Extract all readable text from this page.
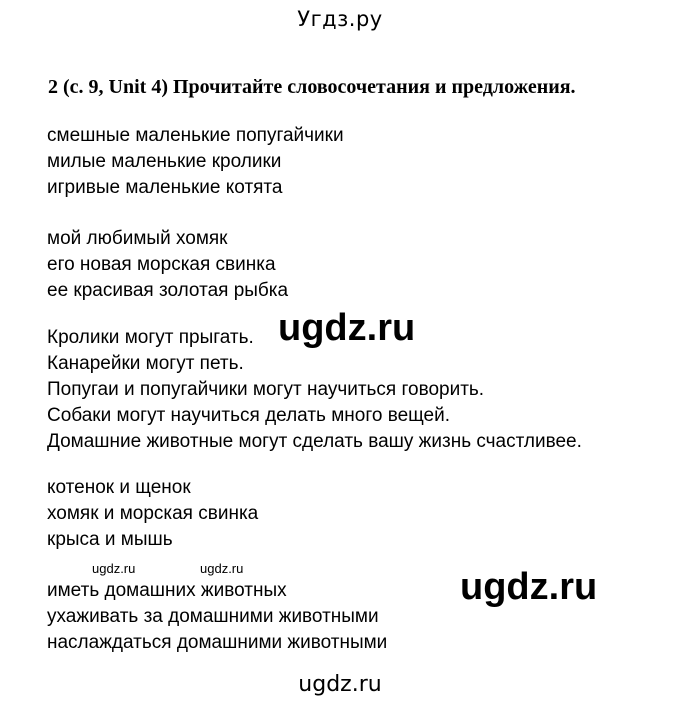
Угдз.ру
2 (с. 9, Unit 4) Прочитайте словосочетания и предложения.
смешные маленькие попугайчики
милые маленькие кролики
игривые маленькие котята
мой любимый хомяк
его новая морская свинка
ее красивая золотая рыбка
Кролики могут прыгать.
Канарейки могут петь.
Попугаи и попугайчики могут научиться говорить.
Собаки могут научиться делать много вещей.
Домашние животные могут сделать вашу жизнь счастливее.
котенок и щенок
хомяк и морская свинка
крыса и мышь
иметь домашних животных
ухаживать за домашними животными
наслаждаться домашними животными
ugdz.ru
ugdz.ru
ugdz.ru	ugdz.ru
ugdz.ru
